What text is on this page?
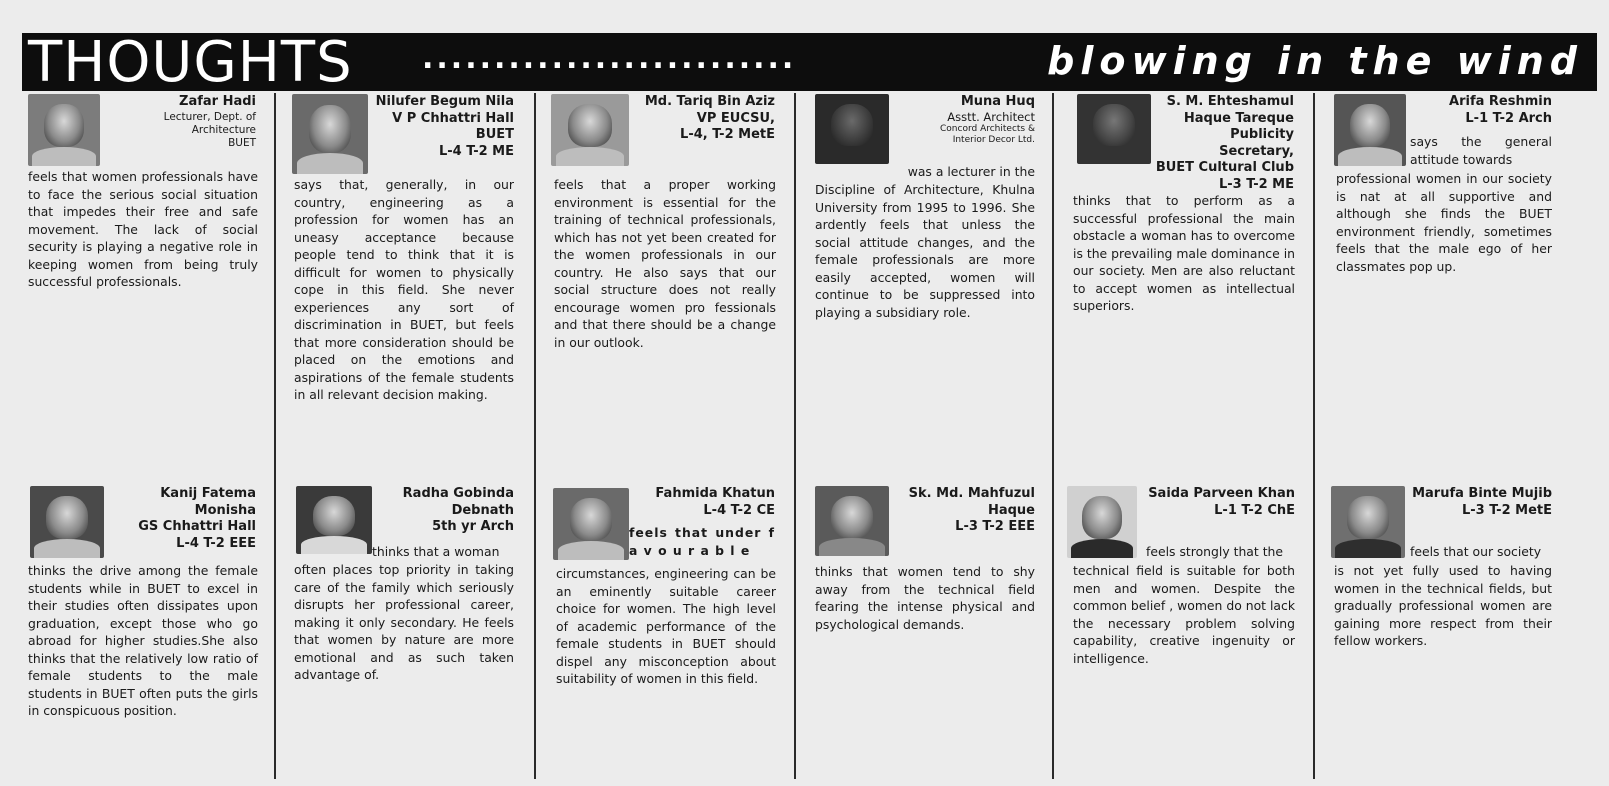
THOUGHTS ..........................	blowing in the wind
Zafar Hadi
Lecturer, Dept. of
Architecture
BUET
feels that women professionals have to face the serious social situation that impedes their free and safe movement. The lack of social security is playing a negative role in keeping women from being truly successful professionals.
Nilufer Begum Nila
V P Chhattri Hall
BUET
L-4 T-2 ME
says that, generally, in our country, engineering as a profession for women has an uneasy acceptance because people tend to think that it is difficult for women to physically cope in this field. She never experiences any sort of discrimination in BUET, but feels that more consideration should be placed on the emotions and aspirations of the female students in all relevant decision making.
Md. Tariq Bin Aziz
VP EUCSU,
L-4, T-2 MetE
feels that a proper working environment is essential for the training of technical professionals, which has not yet been created for the women professionals in our country. He also says that our social structure does not really encourage women pro fessionals and that there should be a change in our outlook.
Muna Huq
Asstt. Architect
Concord Architects &
Interior Decor Ltd.
was a lecturer in the
Discipline of Architecture, Khulna University from 1995 to 1996. She ardently feels that unless the social attitude changes, and the female professionals are more easily accepted, women will continue to be suppressed into playing a subsidiary role.
S. M. Ehteshamul
Haque Tareque
Publicity Secretary,
BUET Cultural Club
L-3 T-2 ME
thinks that to perform as a successful professional the main obstacle a woman has to overcome is the prevailing male dominance in our society. Men are also reluctant to accept women as intellectual superiors.
Arifa Reshmin
L-1 T-2 Arch
says the general attitude towards
professional women in our society is nat at all supportive and although she finds the BUET environment friendly, sometimes feels that the male ego of her classmates pop up.
Kanij Fatema
Monisha
GS Chhattri Hall
L-4 T-2 EEE
thinks the drive among the female students while in BUET to excel in their studies often dissipates upon graduation, except those who go abroad for higher studies.She also thinks that the relatively low ratio of female students to the male students in BUET often puts the girls in conspicuous position.
Radha Gobinda
Debnath
5th yr Arch
thinks that a woman
often places top priority in taking care of the family which seriously disrupts her professional career, making it only secondary. He feels that women by nature are more emotional and as such taken advantage of.
Fahmida Khatun
L-4 T-2 CE
feels that under f a v o u r a b l e
circumstances, engineering can be an eminently suitable career choice for women. The high level of academic performance of the female students in BUET should dispel any misconception about suitability of women in this field.
Sk. Md. Mahfuzul
Haque
L-3 T-2 EEE
thinks that women tend to shy away from the technical field fearing the intense physical and psychological demands.
Saida Parveen Khan
L-1 T-2 ChE
feels strongly that the
technical field is suitable for both men and women. Despite the common belief , women do not lack the necessary problem solving capability, creative ingenuity or intelligence.
Marufa Binte Mujib
L-3 T-2 MetE
feels that our society
is not yet fully used to having women in the technical fields, but gradually professional women are gaining more respect from their fellow workers.
